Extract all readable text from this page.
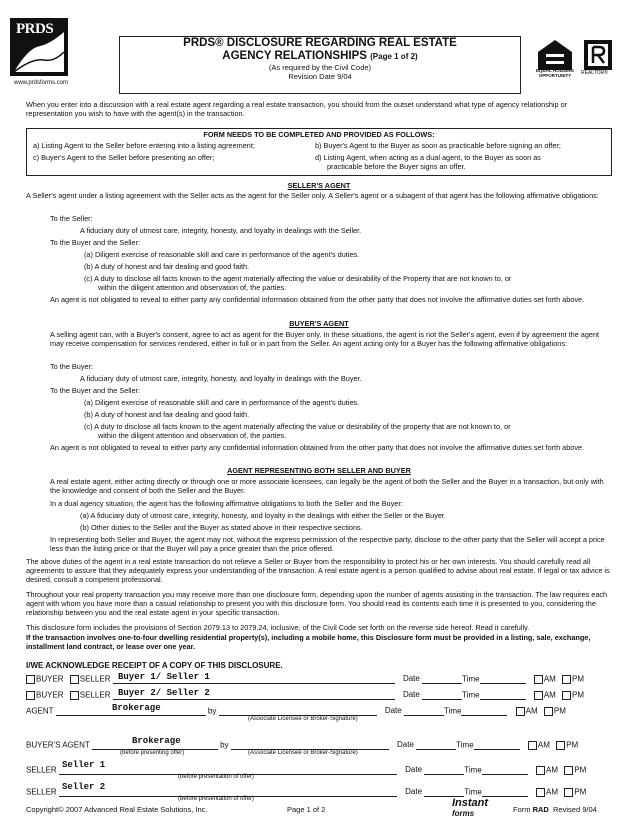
PRDS
www.prdsforms.com
PRDS® DISCLOSURE REGARDING REAL ESTATE
AGENCY RELATIONSHIPS (Page 1 of 2)
(As required by the Civil Code)
Revision Date 9/04
EQUAL HOUSING OPPORTUNITY	REALTOR®

When you enter into a discussion with a real estate agent regarding a real estate transaction, you should from the outset understand what type of agency relationship or representation you wish to have with the agent(s) in the transaction.

FORM NEEDS TO BE COMPLETED AND PROVIDED AS FOLLOWS:
a) Listing Agent to the Seller before entering into a listing agreement;	b) Buyer's Agent to the Buyer as soon as practicable before signing an offer;
c) Buyer's Agent to the Seller before presenting an offer;	d) Listing Agent, when acting as a dual agent, to the Buyer as soon as
practicable before the Buyer signs an offer.
SELLER'S AGENT

A Seller's agent under a listing agreement with the Seller acts as the agent for the Seller only. A Seller's agent or a subagent of that agent has the following affirmative obligations:

To the Seller:

A fiduciary duty of utmost care, integrity, honesty, and loyalty in dealings with the Seller.

To the Buyer and the Seller:

(a) Diligent exercise of reasonable skill and care in performance of the agent's duties.

(b) A duty of honest and fair dealing and good faith.

(c) A duty to disclose all facts known to the agent materially affecting the value or desirability of the Property that are not known to, or

within the diligent attention and observation of, the parties.

An agent is not obligated to reveal to either party any confidential information obtained from the other party that does not involve the affirmative duties set forth above.

BUYER'S AGENT

A selling agent can, with a Buyer's consent, agree to act as agent for the Buyer only. In these situations, the agent is not the Seller's agent, even if by agreement the agent may receive compensation for services rendered, either in full or in part from the Seller. An agent acting only for a Buyer has the following affirmative obligations:

To the Buyer:

A fiduciary duty of utmost care, integrity, honesty, and loyalty in dealings with the Buyer.

To the Buyer and the Seller:

(a) Diligent exercise of reasonable skill and care in performance of the agent's duties.

(b) A duty of honest and fair dealing and good faith.

(c) A duty to disclose all facts known to the agent materially affecting the value or desirability of the property that are not known to, or

within the diligent attention and observation of, the parties.

An agent is not obligated to reveal to either party any confidential information obtained from the other party that does not involve the affirmative duties set forth above.

AGENT REPRESENTING BOTH SELLER AND BUYER

A real estate agent, either acting directly or through one or more associate licensees, can legally be the agent of both the Seller and the Buyer in a transaction, but only with the knowledge and consent of both the Seller and the Buyer.

In a dual agency situation, the agent has the following affirmative obligations to both the Seller and the Buyer:

(a) A fiduciary duty of utmost care, integrity, honesty, and loyalty in the dealings with either the Seller or the Buyer.

(b) Other duties to the Seller and the Buyer as stated above in their respective sections.

In representing both Seller and Buyer, the agent may not, without the express permission of the respective party, disclose to the other party that the Seller will accept a price less than the listing price or that the Buyer will pay a price greater than the price offered.

The above duties of the agent in a real estate transaction do not relieve a Seller or Buyer from the responsibility to protect his or her own interests. You should carefully read all agreements to assure that they adequately express your understanding of the transaction. A real estate agent is a person qualified to advise about real estate. If legal or tax advice is desired, consult a competent professional.

Throughout your real property transaction you may receive more than one disclosure form, depending upon the number of agents assisting in the transaction. The law requires each agent with whom you have more than a casual relationship to present you with this disclosure form. You should read its contents each time it is presented to you, considering the relationship between you and the real estate agent in your specific transaction.

This disclosure form includes the provisions of Section 2079.13 to 2079.24, inclusive, of the Civil Code set forth on the reverse side hereof. Read it carefully.

If the transaction involves one-to-four dwelling residential property(s), including a mobile home, this Disclosure form must be provided in a listing, sale, exchange, installment land contract, or lease over one year.

I/WE ACKNOWLEDGE RECEIPT OF A COPY OF THIS DISCLOSURE.
BUYER SELLER	Date	Time	AM PM
Buyer 1/ Seller 1
BUYER SELLER	Date	Time	AM PM
Buyer 2/ Seller 2
AGENT	by	Date	Time	AM PM
Brokerage
(Associate Licensee or Broker-Signature)
BUYER'S AGENT	by	Date	Time	AM PM
Brokerage
(before presenting offer)	(Associate Licensee or Broker-Signature)
SELLER	Date	Time	AM PM
Seller 1
(before presentation of offer)
SELLER	Date	Time	AM PM
Seller 2
(before presentation of offer)
Copyright© 2007 Advanced Real Estate Solutions, Inc.	Page 1 of 2
Instant
forms	Form RAD Revised 9/04
